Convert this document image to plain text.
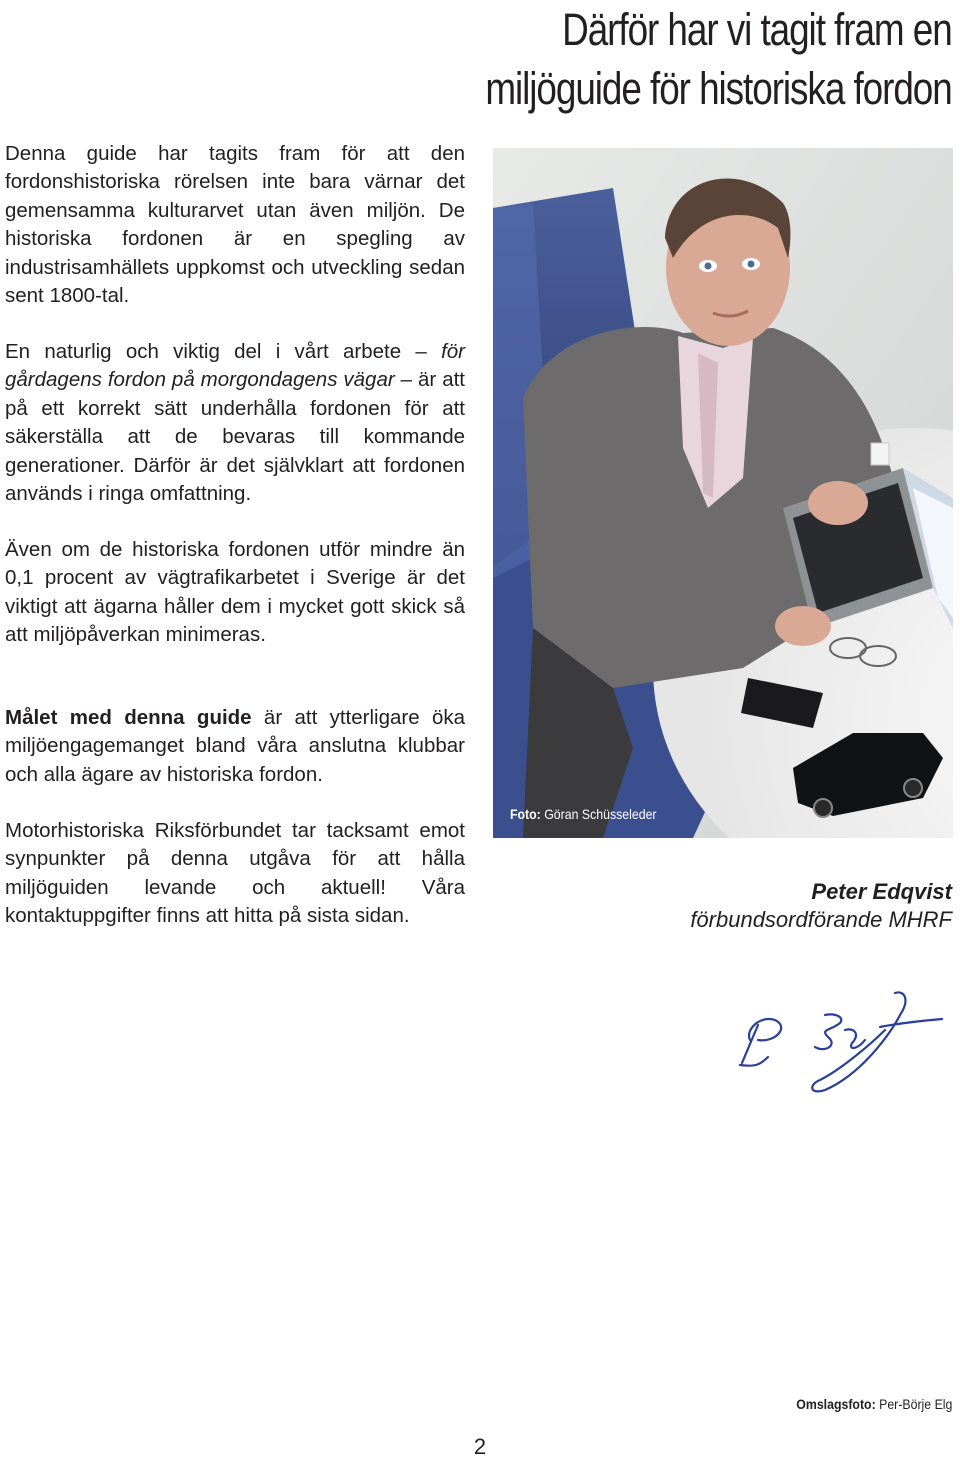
Därför har vi tagit fram en
miljöguide för historiska fordon

Denna guide har tagits fram för att den fordonshistoriska rörelsen inte bara värnar det gemensamma kulturarvet utan även miljön. De historiska fordonen är en spegling av industrisamhällets uppkomst och utveckling sedan sent 1800-tal.

En naturlig och viktig del i vårt arbete – för gårdagens fordon på morgondagens vägar – är att på ett korrekt sätt underhålla fordonen för att säkerställa att de bevaras till kommande generationer. Därför är det självklart att fordonen används i ringa omfattning.

Även om de historiska fordonen utför mindre än 0,1 procent av vägtrafikarbetet i Sverige är det viktigt att ägarna håller dem i mycket gott skick så att miljöpåverkan minimeras.

Målet med denna guide är att ytterligare öka miljöengagemanget bland våra anslutna klubbar och alla ägare av historiska fordon.

Motorhistoriska Riksförbundet tar tacksamt emot synpunkter på denna utgåva för att hålla miljöguiden levande och aktuell! Våra kontaktuppgifter finns att hitta på sista sidan.

Foto: Göran Schüsseleder
Peter Edqvist
förbundsordförande MHRF
Omslagsfoto: Per-Börje Elg
2
